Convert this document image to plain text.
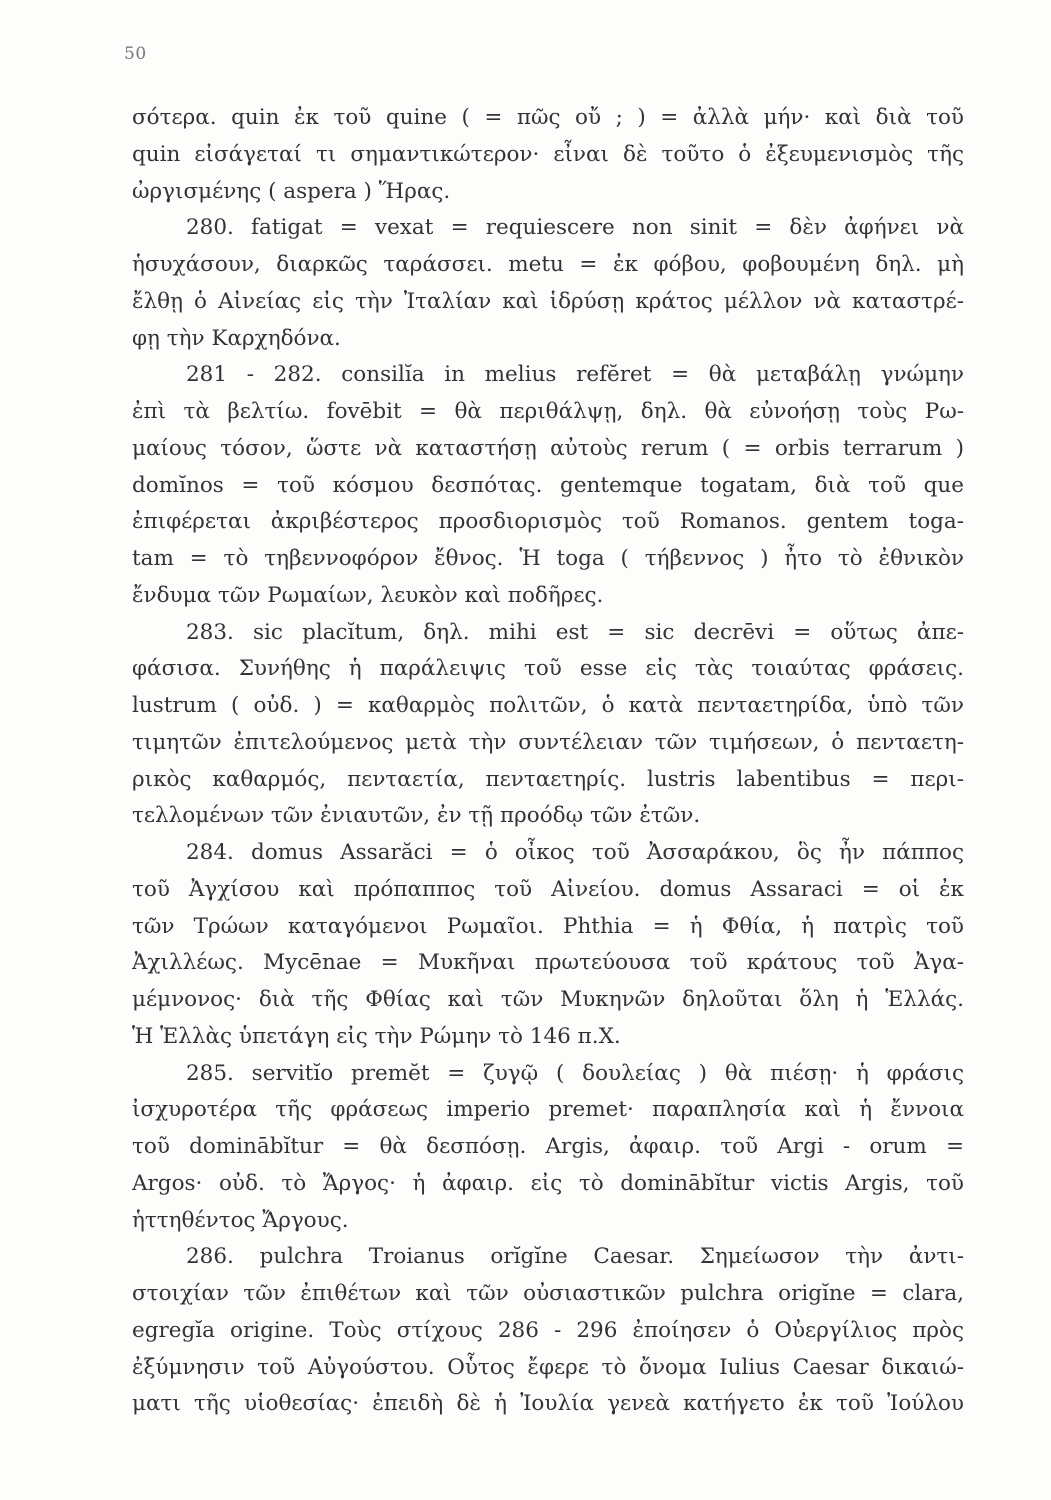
50
σότερα. quin ἐκ τοῦ quine ( = πῶς οὔ ; ) = ἀλλὰ μήν· καὶ διὰ τοῦ
quin εἰσάγεταί τι σημαντικώτερον· εἶναι δὲ τοῦτο ὁ ἐξευμενισμὸς τῆς
ὠργισμένης ( aspera ) Ἥρας.
280. fatigat = vexat = requiescere non sinit = δὲν ἀφήνει νὰ
ἡσυχάσουν, διαρκῶς ταράσσει. metu = ἐκ φόβου, φοβουμένη δηλ. μὴ
ἔλθῃ ὁ Αἰνείας εἰς τὴν Ἰταλίαν καὶ ἱδρύσῃ κράτος μέλλον νὰ καταστρέ-
φῃ τὴν Καρχηδόνα.
281 - 282. consilĭa in melius refĕret = θὰ μεταβάλῃ γνώμην
ἐπὶ τὰ βελτίω. fovēbit = θὰ περιθάλψῃ, δηλ. θὰ εὐνοήσῃ τοὺς Ρω-
μαίους τόσον, ὥστε νὰ καταστήσῃ αὐτοὺς rerum ( = orbis terrarum )
domĭnos = τοῦ κόσμου δεσπότας. gentemque togatam, διὰ τοῦ que
ἐπιφέρεται ἀκριβέστερος προσδιορισμὸς τοῦ Romanos. gentem toga-
tam = τὸ τηβεννοφόρον ἔθνος. Ἡ toga ( τήβεννος ) ἦτο τὸ ἐθνικὸν
ἔνδυμα τῶν Ρωμαίων, λευκὸν καὶ ποδῆρες.
283. sic placĭtum, δηλ. mihi est = sic decrēvi = οὕτως ἀπε-
φάσισα. Συνήθης ἡ παράλειψις τοῦ esse εἰς τὰς τοιαύτας φράσεις.
lustrum ( οὐδ. ) = καθαρμὸς πολιτῶν, ὁ κατὰ πενταετηρίδα, ὑπὸ τῶν
τιμητῶν ἐπιτελούμενος μετὰ τὴν συντέλειαν τῶν τιμήσεων, ὁ πενταετη-
ρικὸς καθαρμός, πενταετία, πενταετηρίς. lustris labentibus = περι-
τελλομένων τῶν ἐνιαυτῶν, ἐν τῇ προόδῳ τῶν ἐτῶν.
284. domus Assarăci = ὁ οἶκος τοῦ Ἀσσαράκου, ὃς ἦν πάππος
τοῦ Ἀγχίσου καὶ πρόπαππος τοῦ Αἰνείου. domus Assaraci = οἱ ἐκ
τῶν Τρώων καταγόμενοι Ρωμαῖοι. Phthia = ἡ Φθία, ἡ πατρὶς τοῦ
Ἀχιλλέως. Mycēnae = Μυκῆναι πρωτεύουσα τοῦ κράτους τοῦ Ἀγα-
μέμνονος· διὰ τῆς Φθίας καὶ τῶν Μυκηνῶν δηλοῦται ὅλη ἡ Ἑλλάς.
Ἡ Ἑλλὰς ὑπετάγη εἰς τὴν Ρώμην τὸ 146 π.Χ.
285. servitĭo premĕt = ζυγῷ ( δουλείας ) θὰ πιέσῃ· ἡ φράσις
ἰσχυροτέρα τῆς φράσεως imperio premet· παραπλησία καὶ ἡ ἔννοια
τοῦ dominābĭtur = θὰ δεσπόσῃ. Argis, ἀφαιρ. τοῦ Argi - orum =
Argos· οὐδ. τὸ Ἄργος· ἡ ἀφαιρ. εἰς τὸ dominābĭtur victis Argis, τοῦ
ἡττηθέντος Ἄργους.
286. pulchra Troianus orĭgĭne Caesar. Σημείωσον τὴν ἀντι-
στοιχίαν τῶν ἐπιθέτων καὶ τῶν οὐσιαστικῶν pulchra origĭne = clara,
egregĭa origine. Τοὺς στίχους 286 - 296 ἐποίησεν ὁ Οὐεργίλιος πρὸς
ἐξύμνησιν τοῦ Αὐγούστου. Οὗτος ἔφερε τὸ ὄνομα Iulius Caesar δικαιώ-
ματι τῆς υἱοθεσίας· ἐπειδὴ δὲ ἡ Ἰουλία γενεὰ κατήγετο ἐκ τοῦ Ἰούλου
